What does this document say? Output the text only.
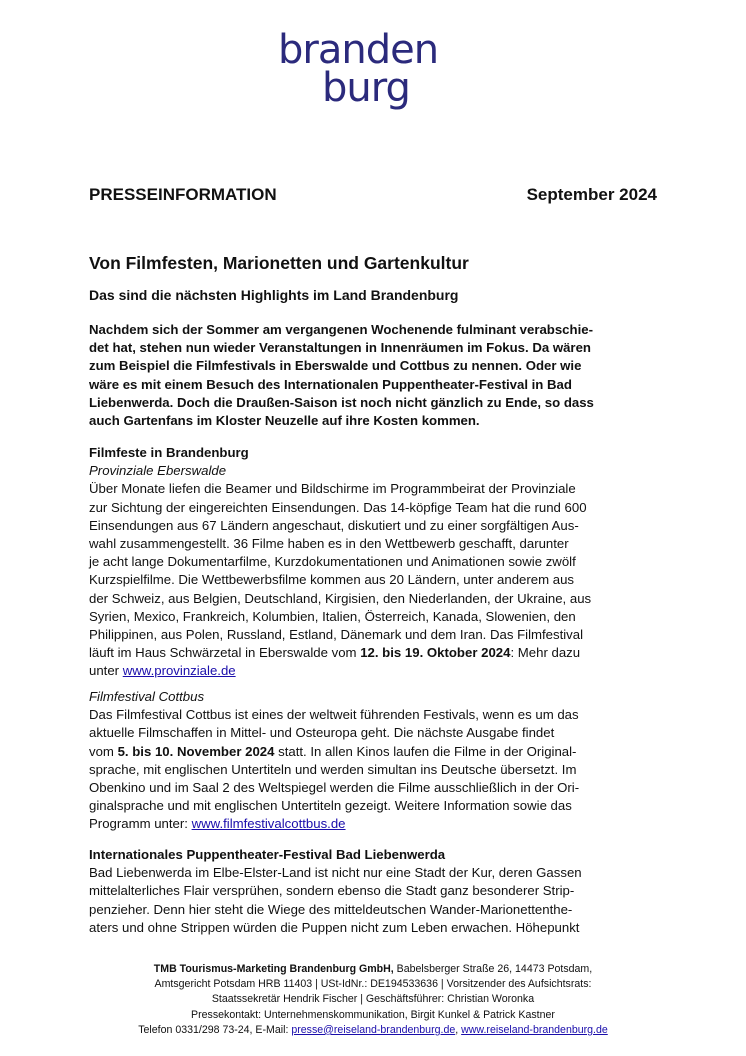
branden
burg
PRESSEINFORMATION	September 2024
Von Filmfesten, Marionetten und Gartenkultur
Das sind die nächsten Highlights im Land Brandenburg

Nachdem sich der Sommer am vergangenen Wochenende fulminant verabschie-

det hat, stehen nun wieder Veranstaltungen in Innenräumen im Fokus. Da wären

zum Beispiel die Filmfestivals in Eberswalde und Cottbus zu nennen. Oder wie

wäre es mit einem Besuch des Internationalen Puppentheater-Festival in Bad

Liebenwerda. Doch die Draußen-Saison ist noch nicht gänzlich zu Ende, so dass

auch Gartenfans im Kloster Neuzelle auf ihre Kosten kommen.

Filmfeste in Brandenburg

Provinziale Eberswalde

Über Monate liefen die Beamer und Bildschirme im Programmbeirat der Provinziale

zur Sichtung der eingereichten Einsendungen. Das 14-köpfige Team hat die rund 600

Einsendungen aus 67 Ländern angeschaut, diskutiert und zu einer sorgfältigen Aus-

wahl zusammengestellt. 36 Filme haben es in den Wettbewerb geschafft, darunter

je acht lange Dokumentarfilme, Kurzdokumentationen und Animationen sowie zwölf

Kurzspielfilme. Die Wettbewerbsfilme kommen aus 20 Ländern, unter anderem aus

der Schweiz, aus Belgien, Deutschland, Kirgisien, den Niederlanden, der Ukraine, aus

Syrien, Mexico, Frankreich, Kolumbien, Italien, Österreich, Kanada, Slowenien, den

Philippinen, aus Polen, Russland, Estland, Dänemark und dem Iran. Das Filmfestival

läuft im Haus Schwärzetal in Eberswalde vom 12. bis 19. Oktober 2024: Mehr dazu

unter www.provinziale.de

Filmfestival Cottbus

Das Filmfestival Cottbus ist eines der weltweit führenden Festivals, wenn es um das

aktuelle Filmschaffen in Mittel- und Osteuropa geht. Die nächste Ausgabe findet

vom 5. bis 10. November 2024 statt. In allen Kinos laufen die Filme in der Original-

sprache, mit englischen Untertiteln und werden simultan ins Deutsche übersetzt. Im

Obenkino und im Saal 2 des Weltspiegel werden die Filme ausschließlich in der Ori-

ginalsprache und mit englischen Untertiteln gezeigt. Weitere Information sowie das

Programm unter: www.filmfestivalcottbus.de

Internationales Puppentheater-Festival Bad Liebenwerda

Bad Liebenwerda im Elbe-Elster-Land ist nicht nur eine Stadt der Kur, deren Gassen

mittelalterliches Flair versprühen, sondern ebenso die Stadt ganz besonderer Strip-

penzieher. Denn hier steht die Wiege des mitteldeutschen Wander-Marionettenthe-

aters und ohne Strippen würden die Puppen nicht zum Leben erwachen. Höhepunkt

TMB Tourismus-Marketing Brandenburg GmbH, Babelsberger Straße 26, 14473 Potsdam,
Amtsgericht Potsdam HRB 11403 | USt-IdNr.: DE194533636 | Vorsitzender des Aufsichtsrats:
Staatssekretär Hendrik Fischer | Geschäftsführer: Christian Woronka
Pressekontakt: Unternehmenskommunikation, Birgit Kunkel & Patrick Kastner
Telefon 0331/298 73-24, E-Mail: presse@reiseland-brandenburg.de, www.reiseland-brandenburg.de
